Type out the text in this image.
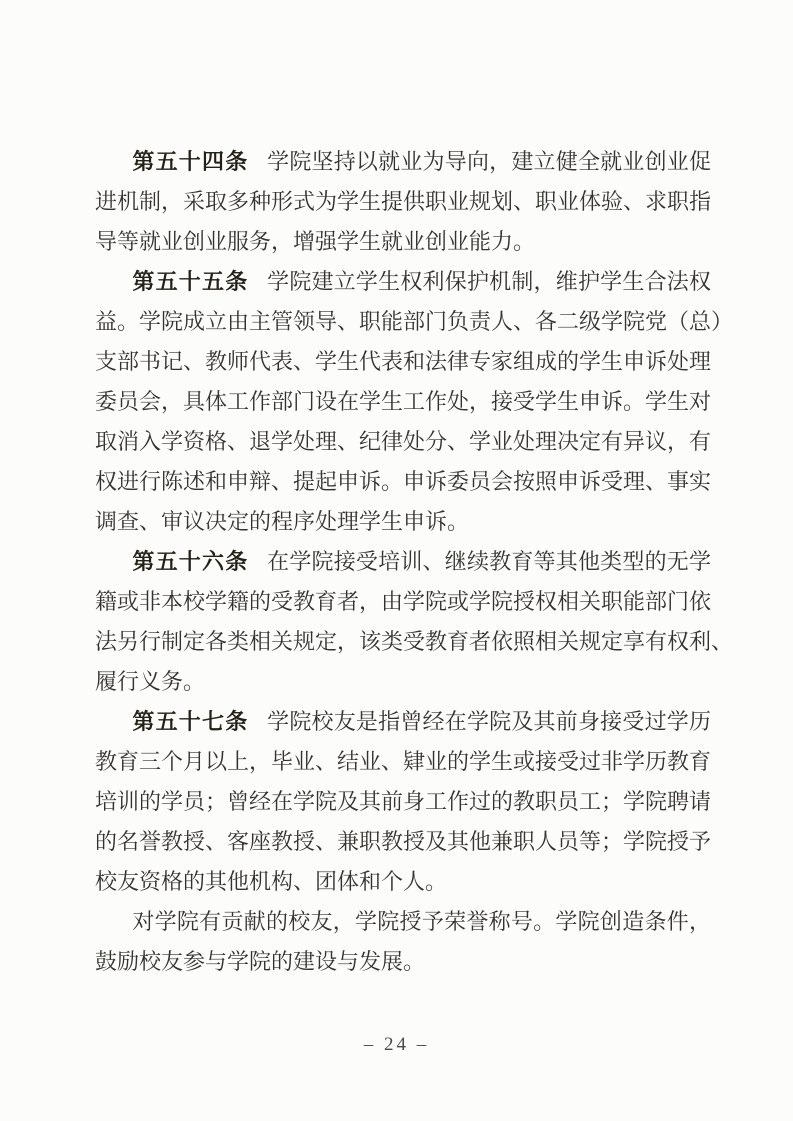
第五十四条 学院坚持以就业为导向，建立健全就业创业促
进机制，采取多种形式为学生提供职业规划、职业体验、求职指
导等就业创业服务，增强学生就业创业能力。
第五十五条 学院建立学生权利保护机制，维护学生合法权
益。学院成立由主管领导、职能部门负责人、各二级学院党（总）
支部书记、教师代表、学生代表和法律专家组成的学生申诉处理
委员会，具体工作部门设在学生工作处，接受学生申诉。学生对
取消入学资格、退学处理、纪律处分、学业处理决定有异议，有
权进行陈述和申辩、提起申诉。申诉委员会按照申诉受理、事实
调查、审议决定的程序处理学生申诉。
第五十六条 在学院接受培训、继续教育等其他类型的无学
籍或非本校学籍的受教育者，由学院或学院授权相关职能部门依
法另行制定各类相关规定，该类受教育者依照相关规定享有权利、
履行义务。
第五十七条 学院校友是指曾经在学院及其前身接受过学历
教育三个月以上，毕业、结业、肄业的学生或接受过非学历教育
培训的学员；曾经在学院及其前身工作过的教职员工；学院聘请
的名誉教授、客座教授、兼职教授及其他兼职人员等；学院授予
校友资格的其他机构、团体和个人。
对学院有贡献的校友，学院授予荣誉称号。学院创造条件，
鼓励校友参与学院的建设与发展。
– 24 –
